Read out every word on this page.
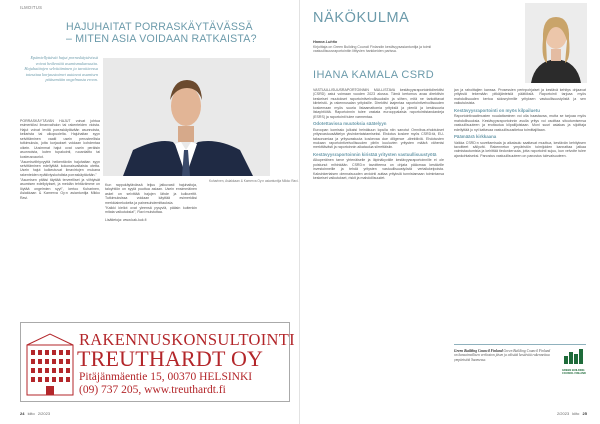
ILMOITUS
HAJUHAITAT PORRASKÄYTÄVÄSSÄ
– MITEN ASIA VOIDAAN RATKAISTA?
Epämiellyttävät hajut porraskäytävissä voivat heikentää asumismukavuutta. Hajuhaittojen selvittäminen ja tavoitteessa toteuttaa korjaustoimet auttavat asumisen pääsemään ongelmasta eroon.

PORRASKÄYTÄVÄN HAJUT voivat johtua esimerkiksi ilmanvaihdon tai rakenteiden vioista. Hajut voivat levitä porraskäytävään asunnoista, kellarista tai ulkopuolelta. Hajuhaitan syyn selvittäminen vaatii usein perusteellisia tutkimuksia, jotta korjaukset voidaan kohdentaa oikein. Uusimmat hajut ovat usein peräisin asunnoista, kuten tupakointi, ruoanlaitto tai kosteusvauriot.

"Asumisviihtyvyyttä heikentävän hajuhaitan syyn selvittäminen edellyttää kokonaisvaltaista otetta. Usein hajut kulkeutuvat ilmavirtojen mukana rakenteiden epätiiviyskohdista porraskäytävään."

"Asumisen pitäisi täyttää terveelliset ja viihtyisät asumisen edellytykset, ja meidän tehtävämme on löytää ongelmien syyt", kertoo Kuharinen, Asiakkaan & Kamerva Oy:n asiantuntija Mikko Ravi.

Kuharinen, Asiakkaan & Kamerva Oy:n asiantuntija Mikko Ravi.

Kun rappukäytävässä leijuu jatkuvasti hajuhaitoja, taloyhtiön on syytä puuttua asiaan. Usein ensimmäinen askel on selvittää hajujen lähde ja kulkureitit. Tutkimuksissa voidaan käyttää esimerkiksi merkkiainekokeita ja painesuhdemittauksia.

"Kaikki kiellot ovat yleensä pysyviä, pääsin kuitenkin mitata vaikutuksia!", Ravi muistuttaa.

Lisätietoja: www.kak-kuk.fi

RAKENNUSKONSULTOINTI
TREUTHARDT OY
Pitäjänmäentie 15, 00370 HELSINKI
(09) 737 205, www.treuthardt.fi
24 kiito 2/2023
NÄKÖKULMA
Hanna Luhtio
Kirjoittaja on Green Building Council Finlandin kestävyysasiantuntija ja toimii vastuullisuusraportointiin liittyvien hankkeiden parissa.
IHANA KAMALA CSRD

VASTUULLISUUSRAPORTOINNIN MULLISTAVA kestävyysraportointidirektiivi (CSRD) astui voimaan vuoden 2023 alussa. Tämä kertomus avaa direktiivin keskeiset muutokset raportointivelvollisuuksiin ja siihen, mitä ne tarkoittavat kiinteistö- ja rakennusalan yrityksille. Direktiivi laajentaa raportointivelvollisuuden koskemaan myös suuria listaamattomia yrityksiä ja pieniä ja keskisuuria listayhtiöitä. Raportoinnin tulee vastata eurooppalaisia raportointistandardeja (ESRS) ja raportointi tulee varmentaa.

Odotettavissa muutoksia säätelyyn

Euroopan komissio julkaisi heinäkuun lopulla niin sanotut Omnibus-ehdotukset yritysvastuusäätelyn yksinkertaistamiseksi. Ehdotus koskee myös CSRD:tä, EU-taksonomiaa ja yritysvastuuta koskevaa due diligence -direktiiviä. Ehdotusten mukaan raportointivelvollisuuden piiriin kuuluvien yritysten määrä vähenisi merkittävästi ja raportoinnin aikataulua siirrettäisiin.

Kestävyysraportoinnin kiristää yritysten vastuullisuustyötä

Alkuperäinen tarve yhtenäiselle ja läpinäkyvälle kestävyysraportoinnille ei ole poistunut mihinkään. CSRD:n tavoitteena on ohjata pääomaa kestäville investoinneille ja tehdä yritysten vastuullisuustyöstä vertailukelpoista. Kaksinkertaisen olennaisuuden arviointi auttaa yrityksiä tunnistamaan toimintansa keskeiset vaikutukset, riskit ja mahdollisuudet.

jan ja rahoittajien kanssa. Prosessien perinpohjaiset ja kestävä kehitys ohjaavat yrityksiä tekemään pitkäjänteisiä päätöksiä. Raportointi tarjoaa myös mahdollisuuden kertoa sidosryhmille yrityksen vastuullisuustyöstä ja sen vaikutuksista.

Kestävyysraportointi on myös kilpailuetu

Raportointivaatimusten noudattaminen voi olla haastavaa, mutta se tarjoaa myös mahdollisuuksia. Kestävyysraportoinnin avulla yritys voi osoittaa sitoutumisensa vastuullisuuteen ja erottautua kilpailijoistaan. Moni suuri asiakas ja sijoittaja edellyttää jo nyt kattavaa vastuullisuustietoa toimittajiltaan.

Päämäärä kirkkaana

Vaikka CSRD:n soveltamisala ja aikataulu saattavat muuttua, kestävän kehityksen tavoitteet säilyvät. Rakennetun ympäristön toimijoiden kannattaa jatkaa valmistautumista ja kehittää tiedonkeruuta, jotta raportointi sujuu, kun velvoite tulee ajankohtaiseksi. Panostus vastuullisuuteen on panostus tulevaisuuteen.

Green Building Council Finland Green Building Council Finland on kansainvälisen verkoston jäsen ja edistää kestävää rakennettua ympäristöä Suomessa.
GREEN BUILDING COUNCIL FINLAND
2/2023 kiito 25
